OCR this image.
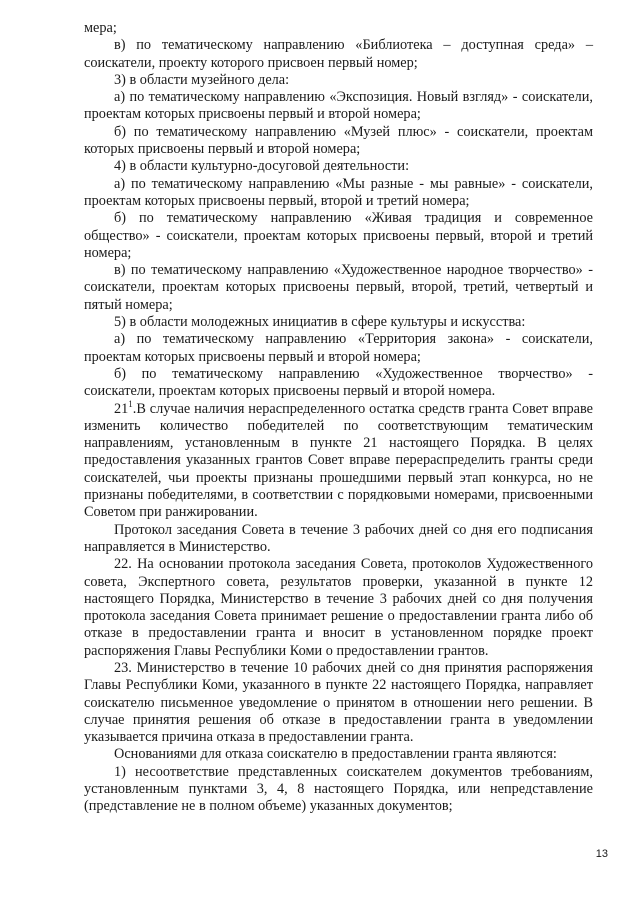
мера;

в) по тематическому направлению «Библиотека – доступная среда» – соискатели, проекту которого присвоен первый номер;

3) в области музейного дела:

а) по тематическому направлению «Экспозиция. Новый взгляд» - соискатели, проектам которых присвоены первый и второй номера;

б) по тематическому направлению «Музей плюс» - соискатели, проектам которых присвоены первый и второй номера;

4) в области культурно-досуговой деятельности:

а) по тематическому направлению «Мы разные - мы равные» - соискатели, проектам которых присвоены первый, второй и третий номера;

б) по тематическому направлению «Живая традиция и современное общество» - соискатели, проектам которых присвоены первый, второй и третий номера;

в) по тематическому направлению «Художественное народное творчество» - соискатели, проектам которых присвоены первый, второй, третий, четвертый и пятый номера;

5) в области молодежных инициатив в сфере культуры и искусства:

а) по тематическому направлению «Территория закона» - соискатели, проектам которых присвоены первый и второй номера;

б) по тематическому направлению «Художественное творчество» - соискатели, проектам которых присвоены первый и второй номера.

$21^1.В$ случае наличия нераспределенного остатка средств гранта Совет вправе изменить количество победителей по соответствующим тематическим направлениям, установленным в пункте 21 настоящего Порядка. В целях предоставления указанных грантов Совет вправе перераспределить гранты среди соискателей, чьи проекты признаны прошедшими первый этап конкурса, но не признаны победителями, в соответствии с порядковыми номерами, присвоенными Советом при ранжировании.

Протокол заседания Совета в течение 3 рабочих дней со дня его подписания направляется в Министерство.

22. На основании протокола заседания Совета, протоколов Художественного совета, Экспертного совета, результатов проверки, указанной в пункте 12 настоящего Порядка, Министерство в течение 3 рабочих дней со дня получения протокола заседания Совета принимает решение о предоставлении гранта либо об отказе в предоставлении гранта и вносит в установленном порядке проект распоряжения Главы Республики Коми о предоставлении грантов.

23. Министерство в течение 10 рабочих дней со дня принятия распоряжения Главы Республики Коми, указанного в пункте 22 настоящего Порядка, направляет соискателю письменное уведомление о принятом в отношении него решении. В случае принятия решения об отказе в предоставлении гранта в уведомлении указывается причина отказа в предоставлении гранта.

Основаниями для отказа соискателю в предоставлении гранта являются:

1) несоответствие представленных соискателем документов требованиям, установленным пунктами 3, 4, 8 настоящего Порядка, или непредставление (представление не в полном объеме) указанных документов;

13
